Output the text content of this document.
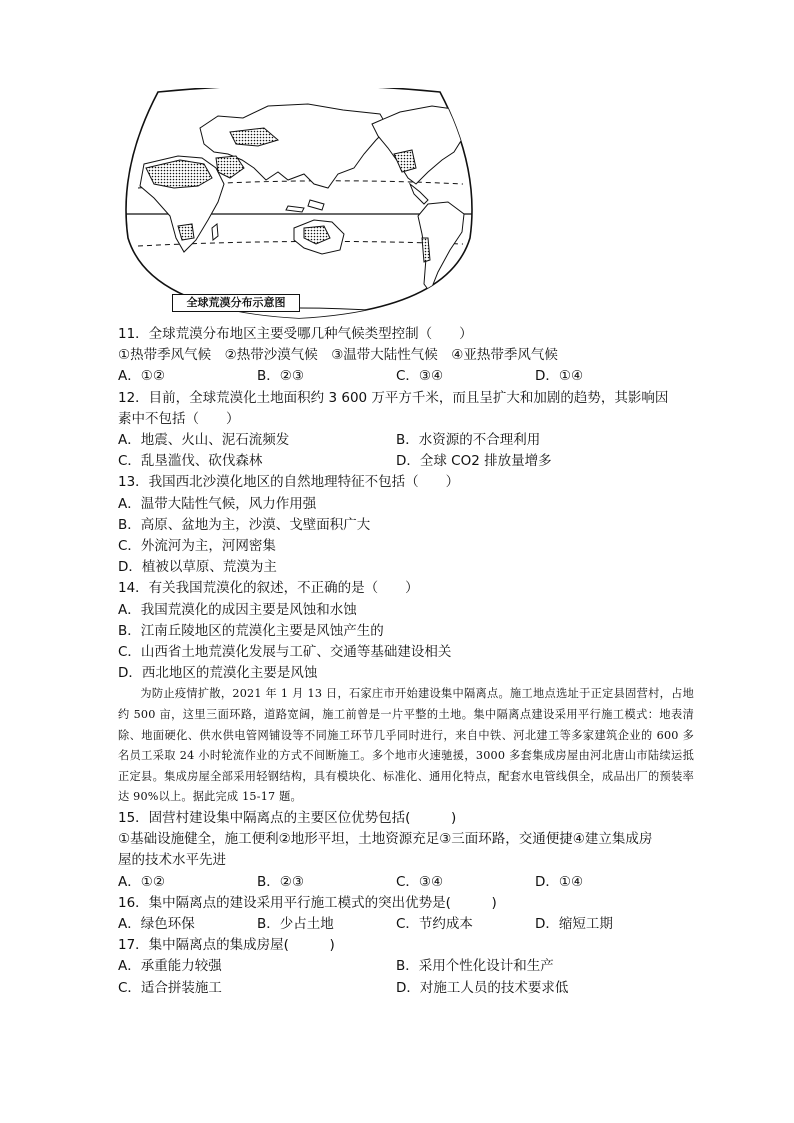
全球荒漠分布示意图
11．全球荒漠分布地区主要受哪几种气候类型控制（　　）
①热带季风气候　②热带沙漠气候　③温带大陆性气候　④亚热带季风气候
A．①②	B．②③	C．③④	D．①④
12．目前，全球荒漠化土地面积约 3 600 万平方千米，而且呈扩大和加剧的趋势，其影响因
素中不包括（　　）
A．地震、火山、泥石流频发	B．水资源的不合理利用
C．乱垦滥伐、砍伐森林	D．全球 CO2 排放量增多
13．我国西北沙漠化地区的自然地理特征不包括（　　）
A．温带大陆性气候，风力作用强
B．高原、盆地为主，沙漠、戈壁面积广大
C．外流河为主，河网密集
D．植被以草原、荒漠为主
14．有关我国荒漠化的叙述，不正确的是（　　）
A．我国荒漠化的成因主要是风蚀和水蚀
B．江南丘陵地区的荒漠化主要是风蚀产生的
C．山西省土地荒漠化发展与工矿、交通等基础建设相关
D．西北地区的荒漠化主要是风蚀

为防止疫情扩散，2021 年 1 月 13 日，石家庄市开始建设集中隔离点。施工地点选址于正定县固营村，占地约 500 亩，这里三面环路，道路宽阔，施工前曾是一片平整的土地。集中隔离点建设采用平行施工模式：地表清除、地面硬化、供水供电管网铺设等不同施工环节几乎同时进行，来自中铁、河北建工等多家建筑企业的 600 多名员工采取 24 小时轮流作业的方式不间断施工。多个地市火速驰援，3000 多套集成房屋由河北唐山市陆续运抵正定县。集成房屋全部采用轻钢结构，具有模块化、标准化、通用化特点，配套水电管线俱全，成品出厂的预装率达 90%以上。据此完成 15-17 题。

15．固营村建设集中隔离点的主要区位优势包括(　　　)
①基础设施健全，施工便利②地形平坦，土地资源充足③三面环路，交通便捷④建立集成房
屋的技术水平先进
A．①②	B．②③	C．③④	D．①④
16．集中隔离点的建设采用平行施工模式的突出优势是(　　　)
A．绿色环保	B．少占土地	C．节约成本	D．缩短工期
17．集中隔离点的集成房屋(　　　)
A．承重能力较强	B．采用个性化设计和生产
C．适合拼装施工	D．对施工人员的技术要求低
